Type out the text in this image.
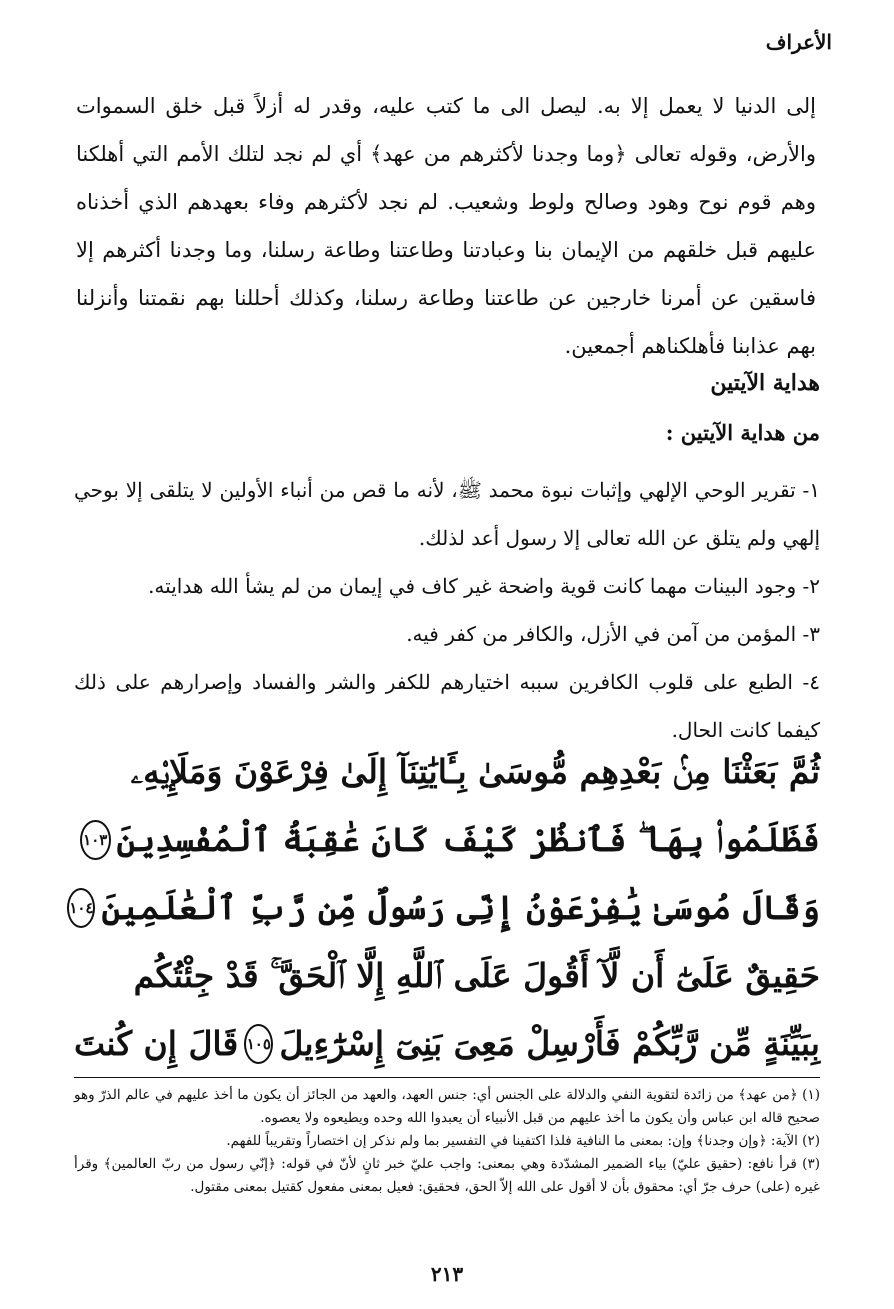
الأعراف
إلى الدنيا لا يعمل إلا به. ليصل الى ما كتب عليه، وقدر له أزلاً قبل خلق السموات والأرض، وقوله تعالى ﴿وما وجدنا لأكثرهم من عهد﴾ أي لم نجد لتلك الأمم التي أهلكنا وهم قوم نوح وهود وصالح ولوط وشعيب. لم نجد لأكثرهم وفاء بعهدهم الذي أخذناه عليهم قبل خلقهم من الإيمان بنا وعبادتنا وطاعتنا وطاعة رسلنا، وما وجدنا أكثرهم إلا فاسقين عن أمرنا خارجين عن طاعتنا وطاعة رسلنا، وكذلك أحللنا بهم نقمتنا وأنزلنا بهم عذابنا فأهلكناهم أجمعين.
هداية الآيتين
من هداية الآيتين :
١- تقرير الوحي الإلهي وإثبات نبوة محمد ﷺ، لأنه ما قص من أنباء الأولين لا يتلقى إلا بوحي إلهي ولم يتلق عن الله تعالى إلا رسول أعد لذلك.
٢- وجود البينات مهما كانت قوية واضحة غير كاف في إيمان من لم يشأ الله هدايته.
٣- المؤمن من آمن في الأزل، والكافر من كفر فيه.
٤- الطبع على قلوب الكافرين سببه اختيارهم للكفر والشر والفساد وإصرارهم على ذلك كيفما كانت الحال.
ثُمَّ بَعَثْنَا مِنۢ بَعْدِهِم مُّوسَىٰ بِـَٔايَٰتِنَآ إِلَىٰ فِرْعَوْنَ وَمَلَإِي۟هِۦ
فَظَلَمُوا۟ بِهَا ۖ فَٱنظُرْ كَيْفَ كَانَ عَٰقِبَةُ ٱلْمُفْسِدِينَ
١٠٣
وَقَالَ مُوسَىٰ يَٰفِرْعَوْنُ إِنِّى رَسُولٌ مِّن رَّبِّ ٱلْعَٰلَمِينَ
١٠٤
حَقِيقٌ عَلَىٰٓ أَن لَّآ أَقُولَ عَلَى ٱللَّهِ إِلَّا ٱلْحَقَّ ۚ قَدْ جِئْتُكُم
بِبَيِّنَةٍ مِّن رَّبِّكُمْ فَأَرْسِلْ مَعِىَ بَنِىٓ إِسْرَٰٓءِيلَ
١٠٥
قَالَ إِن كُنتَ

(١) ﴿من عهد﴾ من زائدة لتقوية النفي والدلالة على الجنس أي: جنس العهد، والعهد من الجائز أن يكون ما أخذ عليهم في عالم الذرّ وهو صحيح قاله ابن عباس وأن يكون ما أخذ عليهم من قبل الأنبياء أن يعبدوا الله وحده ويطيعوه ولا يعصوه.

(٢) الآية: ﴿وإن وجدنا﴾ وإن: بمعنى ما النافية فلذا اكتفينا في التفسير بما ولم نذكر إن اختصاراً وتقريباً للفهم.

(٣) قرأ نافع: (حقيق عليّ) بياء الضمير المشدّدة وهي بمعنى: واجب عليّ خبر ثانٍ لأنّ في قوله: ﴿إنّي رسول من ربّ العالمين﴾ وقرأ غيره (على) حرف جرّ أي: محقوق بأن لا أقول على الله إلاّ الحق، فحقيق: فعيل بمعنى مفعول كقتيل بمعنى مقتول.

٢١٣
